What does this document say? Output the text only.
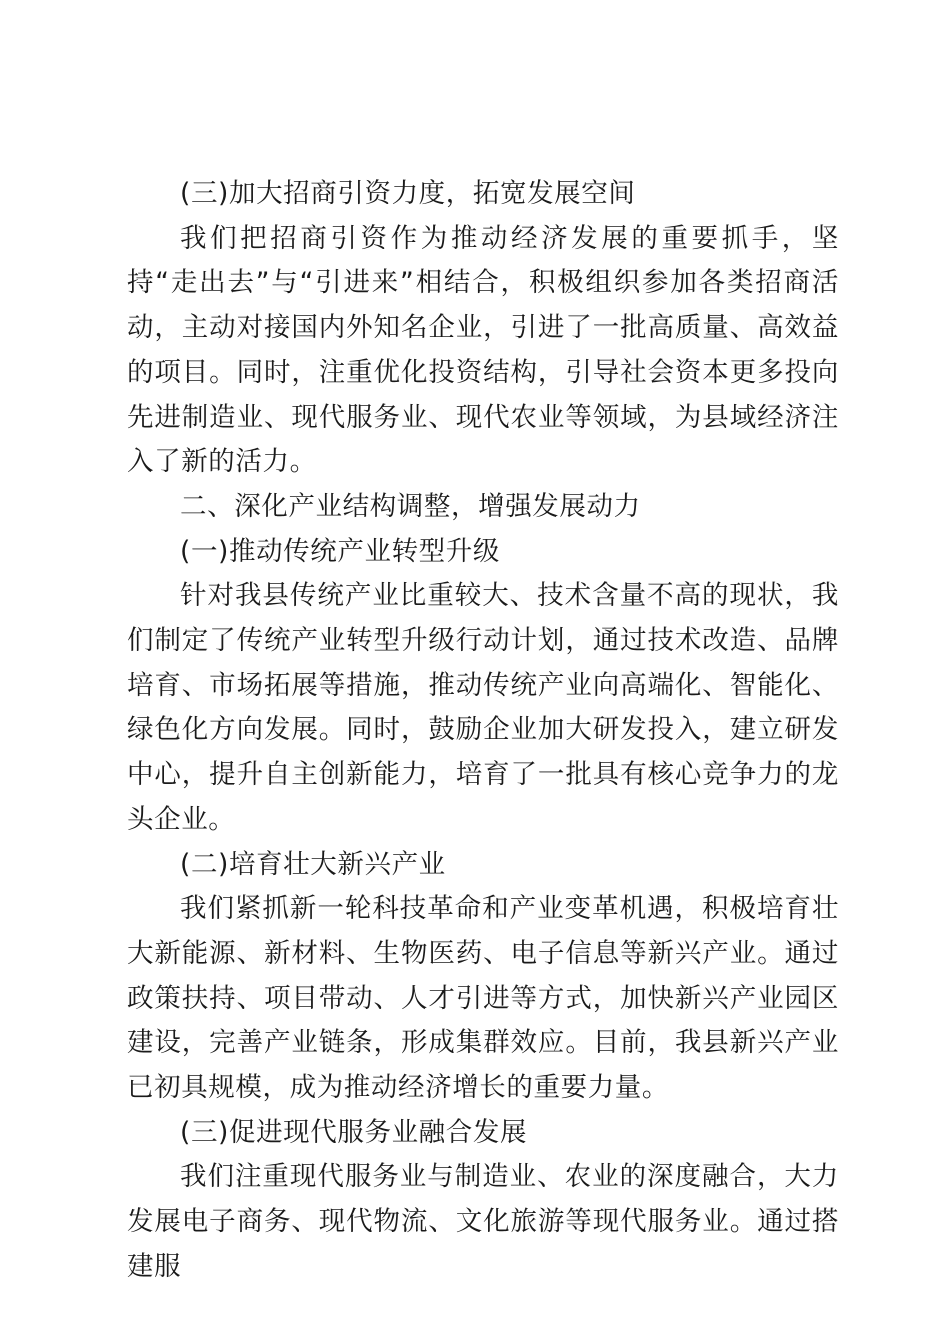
(三)加大招商引资力度，拓宽发展空间

我们把招商引资作为推动经济发展的重要抓手，坚持“走出去”与“引进来”相结合，积极组织参加各类招商活动，主动对接国内外知名企业，引进了一批高质量、高效益的项目。同时，注重优化投资结构，引导社会资本更多投向先进制造业、现代服务业、现代农业等领域，为县域经济注入了新的活力。

二、深化产业结构调整，增强发展动力

(一)推动传统产业转型升级

针对我县传统产业比重较大、技术含量不高的现状，我们制定了传统产业转型升级行动计划，通过技术改造、品牌培育、市场拓展等措施，推动传统产业向高端化、智能化、绿色化方向发展。同时，鼓励企业加大研发投入，建立研发中心，提升自主创新能力，培育了一批具有核心竞争力的龙头企业。

(二)培育壮大新兴产业

我们紧抓新一轮科技革命和产业变革机遇，积极培育壮大新能源、新材料、生物医药、电子信息等新兴产业。通过政策扶持、项目带动、人才引进等方式，加快新兴产业园区建设，完善产业链条，形成集群效应。目前，我县新兴产业已初具规模，成为推动经济增长的重要力量。

(三)促进现代服务业融合发展

我们注重现代服务业与制造业、农业的深度融合，大力发展电子商务、现代物流、文化旅游等现代服务业。通过搭建服
